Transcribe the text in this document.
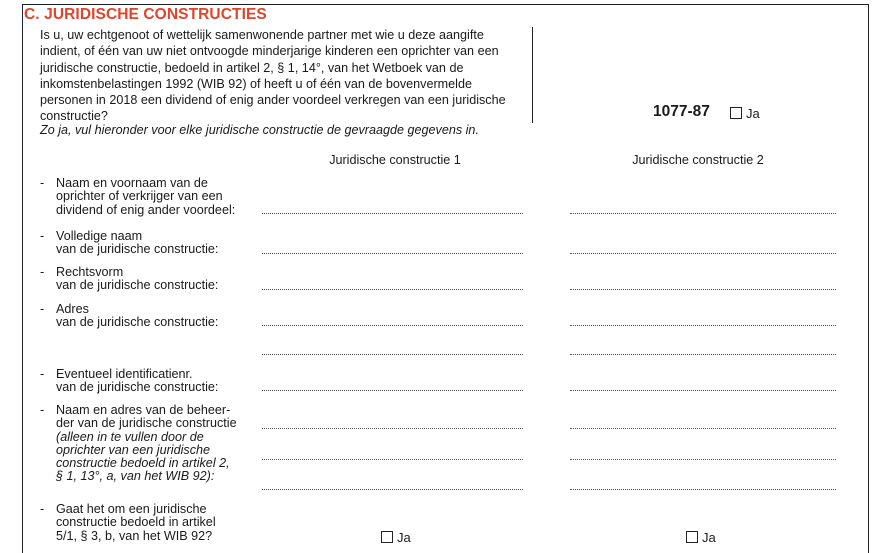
C. JURIDISCHE CONSTRUCTIES
Is u, uw echtgenoot of wettelijk samenwonende partner met wie u deze aangifte indient, of één van uw niet ontvoogde minderjarige kinderen een oprichter van een juridische constructie, bedoeld in artikel 2, § 1, 14°, van het Wetboek van de inkomstenbelastingen 1992 (WIB 92) of heeft u of één van de bovenvermelde personen in 2018 een dividend of enig ander voordeel verkregen van een juridische constructie?	1077-87	Ja
Zo ja, vul hieronder voor elke juridische constructie de gevraagde gegevens in.
Juridische constructie 1	Juridische constructie 2
- Naam en voornaam van de
oprichter of verkrijger van een
dividend of enig ander voordeel:
- Volledige naam
van de juridische constructie:
- Rechtsvorm
van de juridische constructie:
- Adres
van de juridische constructie:
- Eventueel identificatienr.
van de juridische constructie:
- Naam en adres van de beheer-
der van de juridische constructie
(alleen in te vullen door de
oprichter van een juridische
constructie bedoeld in artikel 2,
§ 1, 13°, a, van het WIB 92):
- Gaat het om een juridische
constructie bedoeld in artikel
5/1, § 3, b, van het WIB 92?	Ja	Ja
